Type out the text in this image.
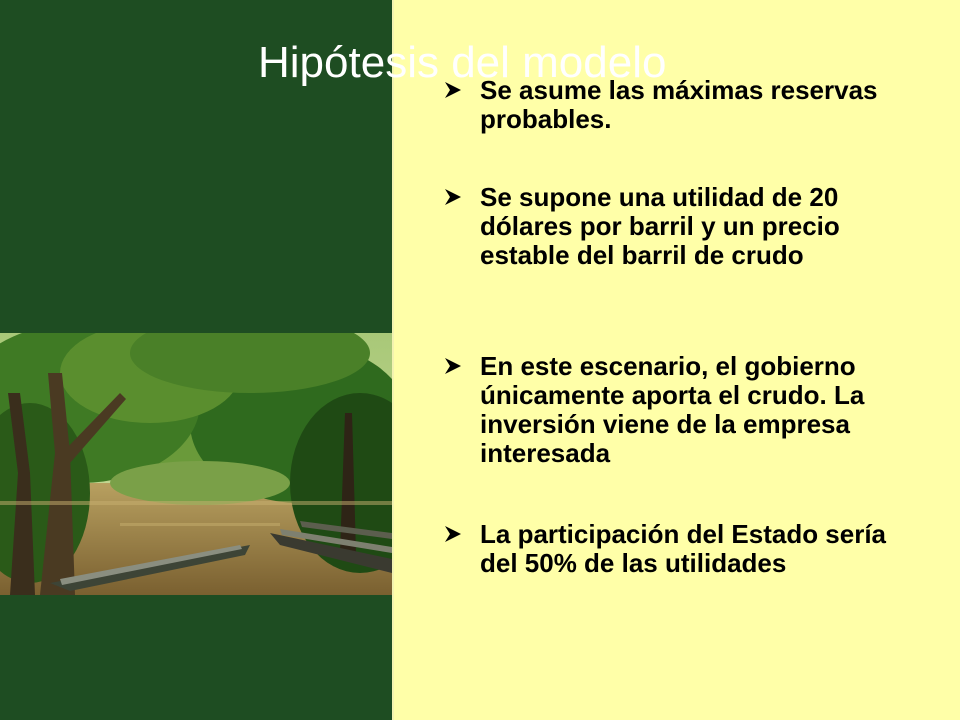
Hipótesis del modelo
Se asume las máximas reservas probables.
Se supone una utilidad de 20 dólares por barril y un precio estable del barril de crudo
En este escenario, el gobierno únicamente aporta el crudo. La inversión viene de la empresa interesada
La participación del Estado sería del 50% de las utilidades
